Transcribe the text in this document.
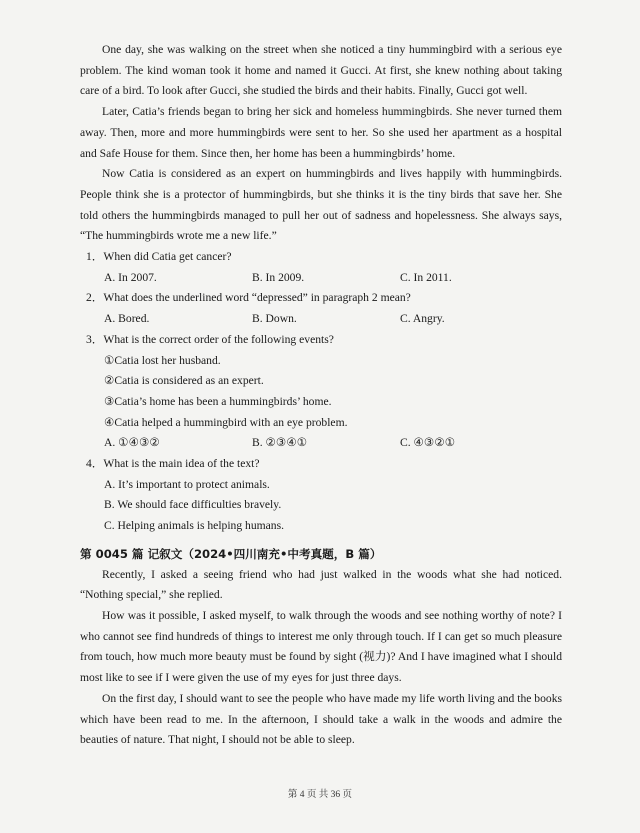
One day, she was walking on the street when she noticed a tiny hummingbird with a serious eye problem. The kind woman took it home and named it Gucci. At first, she knew nothing about taking care of a bird. To look after Gucci, she studied the birds and their habits. Finally, Gucci got well.

Later, Catia’s friends began to bring her sick and homeless hummingbirds. She never turned them away. Then, more and more hummingbirds were sent to her. So she used her apartment as a hospital and Safe House for them. Since then, her home has been a hummingbirds’ home.

Now Catia is considered as an expert on hummingbirds and lives happily with hummingbirds. People think she is a protector of hummingbirds, but she thinks it is the tiny birds that save her. She told others the hummingbirds managed to pull her out of sadness and hopelessness. She always says, “The hummingbirds wrote me a new life.”

1．When did Catia get cancer?
A. In 2007.	B. In 2009.	C. In 2011.
2．What does the underlined word “depressed” in paragraph 2 mean?
A. Bored.	B. Down.	C. Angry.
3．What is the correct order of the following events?
①Catia lost her husband.
②Catia is considered as an expert.
③Catia’s home has been a hummingbirds’ home.
④Catia helped a hummingbird with an eye problem.
A. ①④③②	B. ②③④①	C. ④③②①
4．What is the main idea of the text?
A. It’s important to protect animals.
B. We should face difficulties bravely.
C. Helping animals is helping humans.
第 0045 篇 记叙文（2024•四川南充•中考真题，B 篇）

Recently, I asked a seeing friend who had just walked in the woods what she had noticed. “Nothing special,” she replied.

How was it possible, I asked myself, to walk through the woods and see nothing worthy of note? I who cannot see find hundreds of things to interest me only through touch. If I can get so much pleasure from touch, how much more beauty must be found by sight (视力)? And I have imagined what I should most like to see if I were given the use of my eyes for just three days.

On the first day, I should want to see the people who have made my life worth living and the books which have been read to me. In the afternoon, I should take a walk in the woods and admire the beauties of nature. That night, I should not be able to sleep.

第 4 页 共 36 页
